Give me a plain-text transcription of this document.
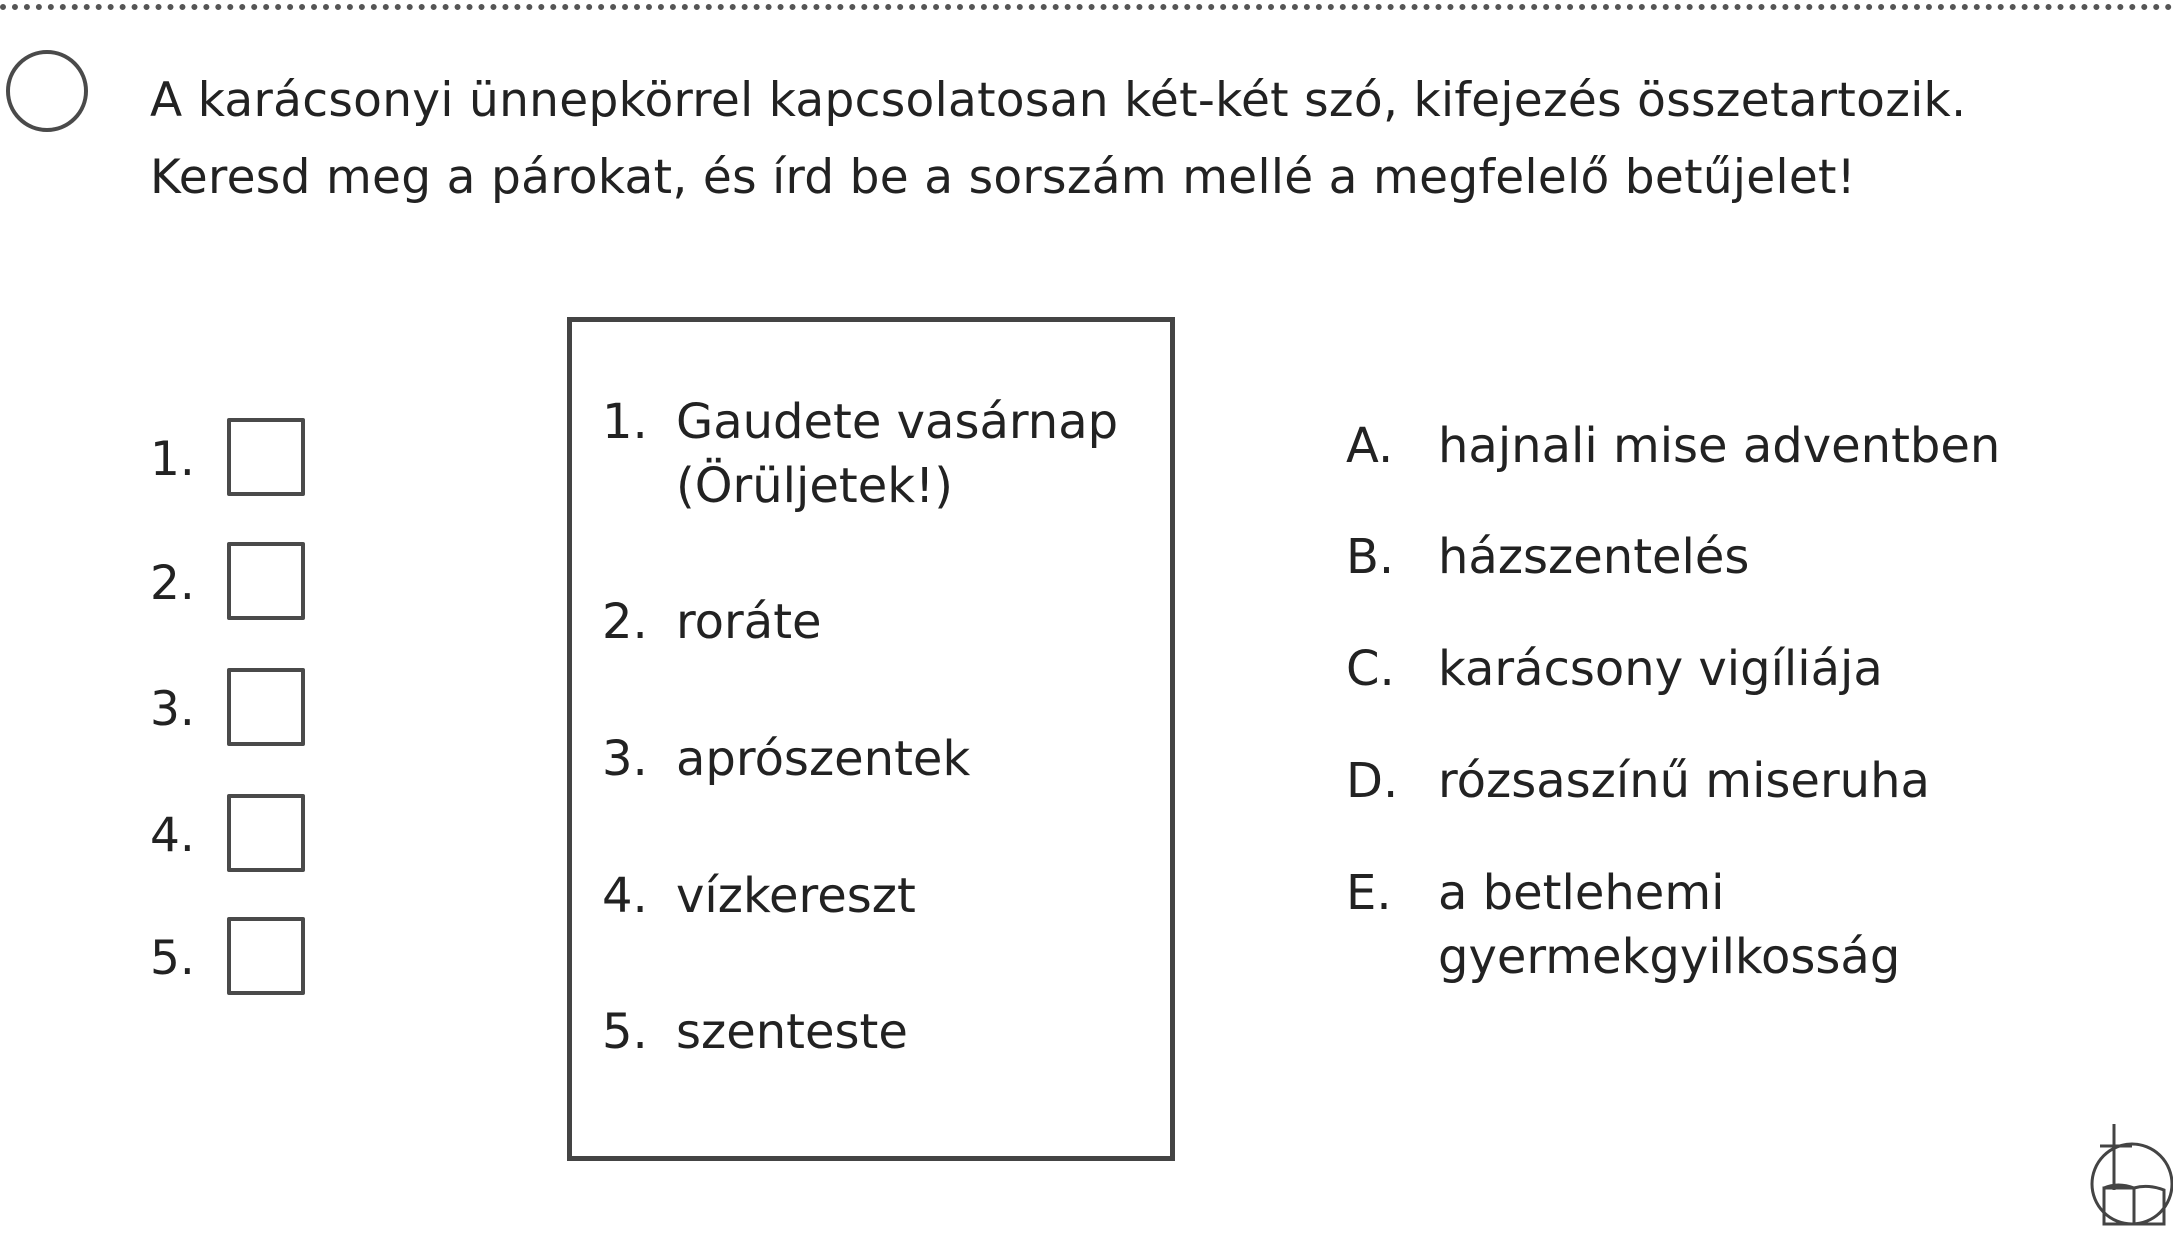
A karácsonyi ünnepkörrel kapcsolatosan két-két szó, kifejezés összetartozik.
Keresd meg a párokat, és írd be a sorszám mellé a megfelelő betűjelet!
1.
2.
3.
4.
5.
1. Gaudete vasárnap
(Örüljetek!)
2. roráte
3. aprószentek
4. vízkereszt
5. szenteste
A. hajnali mise adventben
B. házszentelés
C. karácsony vigíliája
D. rózsaszínű miseruha
E. a betlehemi
gyermekgyilkosság
